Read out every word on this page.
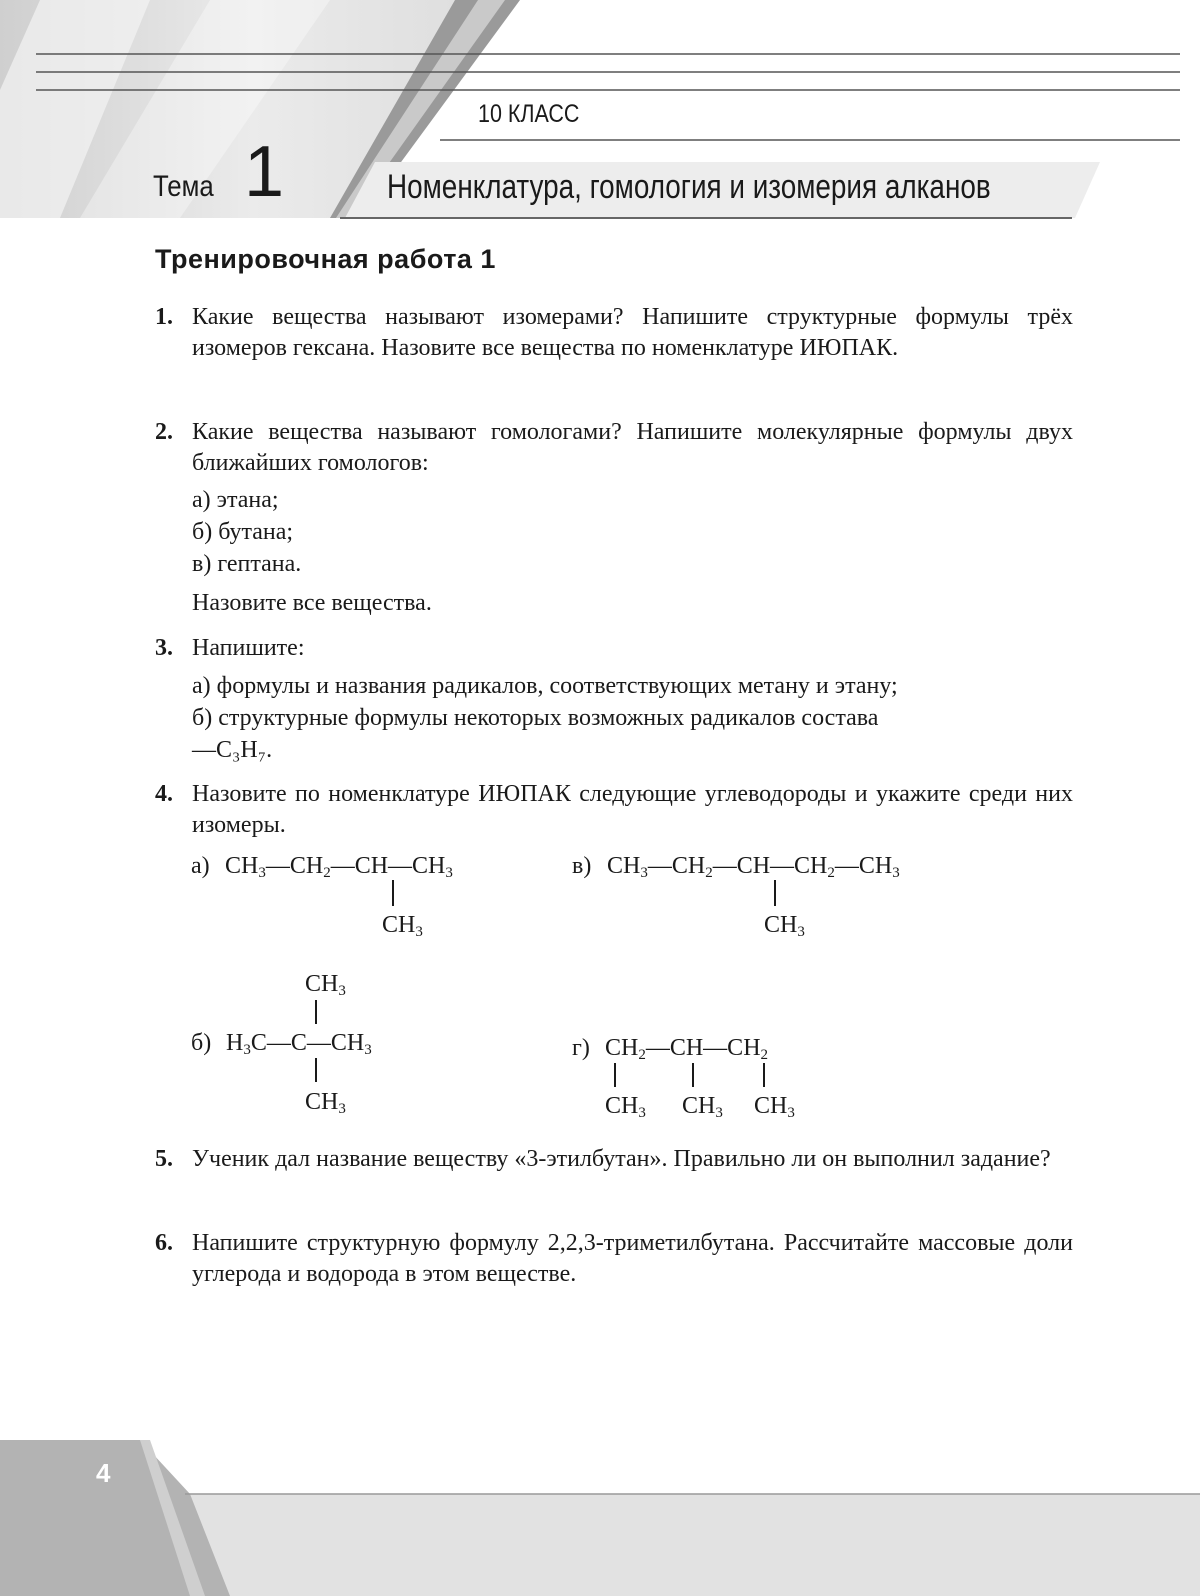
10 КЛАСС
Тема 1	Номенклатура, гомология и изомерия алканов
Тренировочная работа 1
1. Какие вещества называют изомерами? Напишите структурные формулы трёх изомеров гексана. Назовите все вещества по номенклатуре ИЮПАК.
2. Какие вещества называют гомологами? Напишите молекулярные формулы двух ближайших гомологов:
а) этана;
б) бутана;
в) гептана.
Назовите все вещества.
3. Напишите:
а) формулы и названия радикалов, соответствующих метану и этану;
б) структурные формулы некоторых возможных радикалов состава
—C₃H₇.
4. Назовите по номенклатуре ИЮПАК следующие углеводороды и укажите среди них изомеры.
а) $CH_3—CH_2—CH—CH_3$
$CH_3$
в) $CH_3—CH_2—CH—CH_2—CH_3$
$CH_3$
$CH_3$
б) $H_3C—C—CH_3$
$CH_3$
г) $CH_2—CH—CH_2$
$CH_3$ $CH_3$ $CH_3$
5. Ученик дал название веществу «3-этилбутан». Правильно ли он выполнил задание?
6. Напишите структурную формулу 2,2,3-триметилбутана. Рассчитайте массовые доли углерода и водорода в этом веществе.
4
